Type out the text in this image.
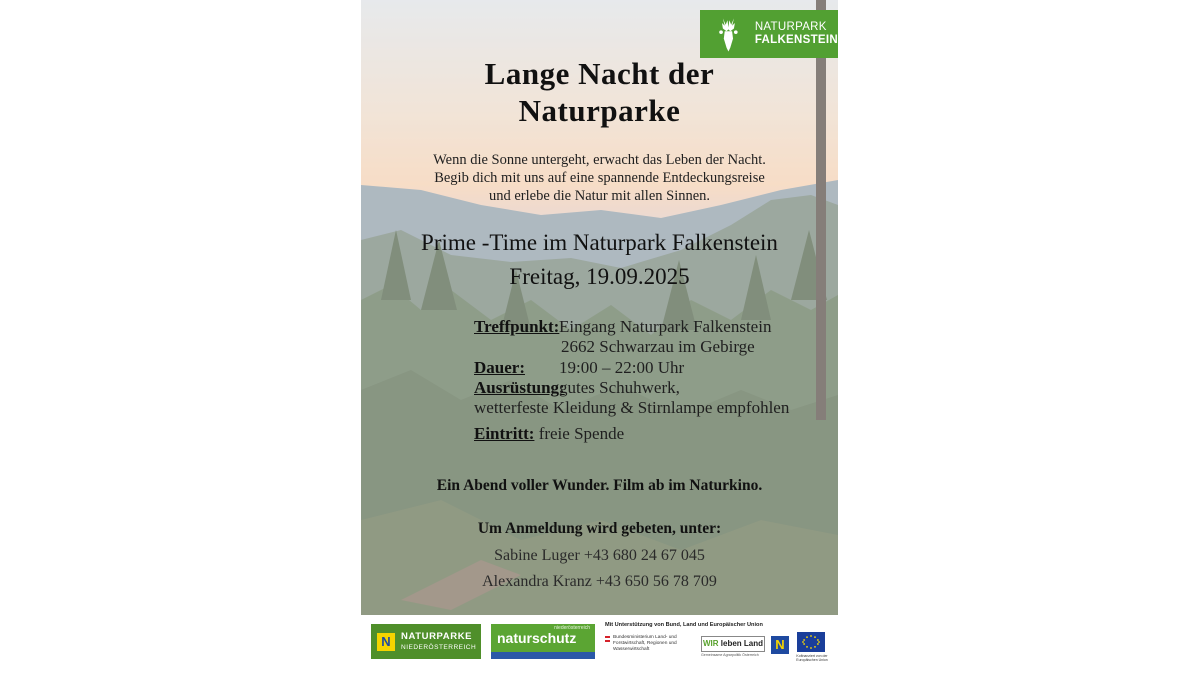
NATURPARK
FALKENSTEIN
Lange Nacht der
Naturparke
Wenn die Sonne untergeht, erwacht das Leben der Nacht.
Begib dich mit uns auf eine spannende Entdeckungsreise
und erlebe die Natur mit allen Sinnen.
Prime -Time im Naturpark Falkenstein
Freitag, 19.09.2025
Treffpunkt: Eingang Naturpark Falkenstein
2662 Schwarzau im Gebirge
Dauer: 19:00 – 22:00 Uhr
Ausrüstung:
gutes Schuhwerk,
wetterfeste Kleidung & Stirnlampe empfohlen
Eintritt: freie Spende
Ein Abend voller Wunder. Film ab im Naturkino.
Um Anmeldung wird gebeten, unter:
Sabine Luger +43 680 24 67 045
Alexandra Kranz +43 650 56 78 709
N	NATURPARKE
NIEDERÖSTERREICH
niederösterreich
naturschutz
Mit Unterstützung von Bund, Land und Europäischer Union
Bundesministerium Land- und Forstwirtschaft, Regionen und Wasserwirtschaft
WIR leben Land
Gemeinsame Agrarpolitik Österreich
N
Kofinanziert von der Europäischen Union
